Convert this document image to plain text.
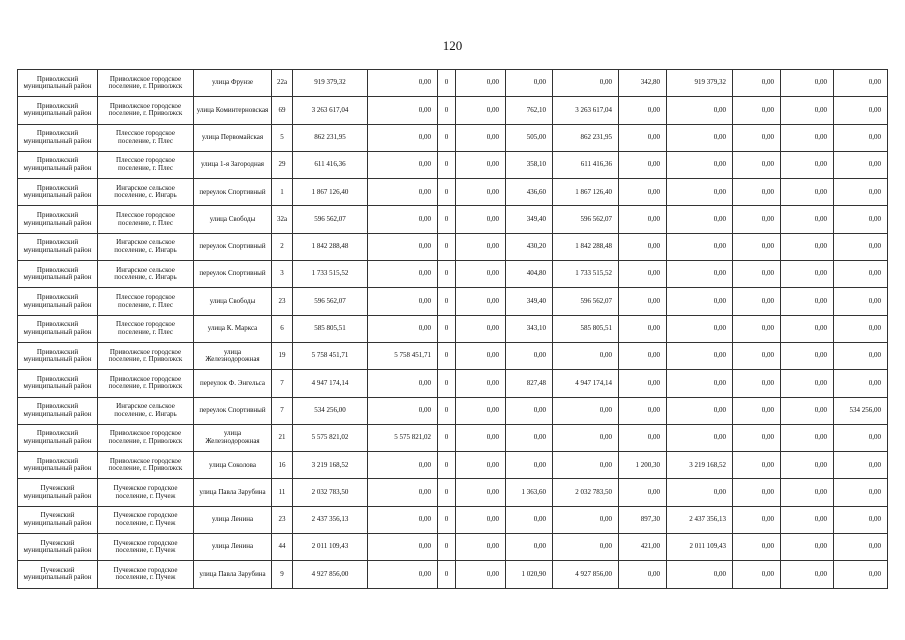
120
Приволжский муниципальный район	Приволжское городское поселение, г. Приволжск	улица Фрунзе	22а	919 379,32	0,00	0	0,00	0,00	0,00	342,80	919 379,32	0,00	0,00	0,00
Приволжский муниципальный район	Приволжское городское поселение, г. Приволжск	улица Коминтерновская	69	3 263 617,04	0,00	0	0,00	762,10	3 263 617,04	0,00	0,00	0,00	0,00	0,00
Приволжский муниципальный район	Плесское городское поселение, г. Плес	улица Первомайская	5	862 231,95	0,00	0	0,00	505,00	862 231,95	0,00	0,00	0,00	0,00	0,00
Приволжский муниципальный район	Плесское городское поселение, г. Плес	улица 1-я Загородная	29	611 416,36	0,00	0	0,00	358,10	611 416,36	0,00	0,00	0,00	0,00	0,00
Приволжский муниципальный район	Ингарское сельское поселение, с. Ингарь	переулок Спортивный	1	1 867 126,40	0,00	0	0,00	436,60	1 867 126,40	0,00	0,00	0,00	0,00	0,00
Приволжский муниципальный район	Плесское городское поселение, г. Плес	улица Свободы	32а	596 562,07	0,00	0	0,00	349,40	596 562,07	0,00	0,00	0,00	0,00	0,00
Приволжский муниципальный район	Ингарское сельское поселение, с. Ингарь	переулок Спортивный	2	1 842 288,48	0,00	0	0,00	430,20	1 842 288,48	0,00	0,00	0,00	0,00	0,00
Приволжский муниципальный район	Ингарское сельское поселение, с. Ингарь	переулок Спортивный	3	1 733 515,52	0,00	0	0,00	404,80	1 733 515,52	0,00	0,00	0,00	0,00	0,00
Приволжский муниципальный район	Плесское городское поселение, г. Плес	улица Свободы	23	596 562,07	0,00	0	0,00	349,40	596 562,07	0,00	0,00	0,00	0,00	0,00
Приволжский муниципальный район	Плесское городское поселение, г. Плес	улица К. Маркса	6	585 805,51	0,00	0	0,00	343,10	585 805,51	0,00	0,00	0,00	0,00	0,00
Приволжский муниципальный район	Приволжское городское поселение, г. Приволжск	улица Железнодорожная	19	5 758 451,71	5 758 451,71	0	0,00	0,00	0,00	0,00	0,00	0,00	0,00	0,00
Приволжский муниципальный район	Приволжское городское поселение, г. Приволжск	переулок Ф. Энгельса	7	4 947 174,14	0,00	0	0,00	827,48	4 947 174,14	0,00	0,00	0,00	0,00	0,00
Приволжский муниципальный район	Ингарское сельское поселение, с. Ингарь	переулок Спортивный	7	534 256,00	0,00	0	0,00	0,00	0,00	0,00	0,00	0,00	0,00	534 256,00
Приволжский муниципальный район	Приволжское городское поселение, г. Приволжск	улица Железнодорожная	21	5 575 821,02	5 575 821,02	0	0,00	0,00	0,00	0,00	0,00	0,00	0,00	0,00
Приволжский муниципальный район	Приволжское городское поселение, г. Приволжск	улица Соколова	16	3 219 168,52	0,00	0	0,00	0,00	0,00	1 200,30	3 219 168,52	0,00	0,00	0,00
Пучежский муниципальный район	Пучежское городское поселение, г. Пучеж	улица Павла Зарубина	11	2 032 783,50	0,00	0	0,00	1 363,60	2 032 783,50	0,00	0,00	0,00	0,00	0,00
Пучежский муниципальный район	Пучежское городское поселение, г. Пучеж	улица Ленина	23	2 437 356,13	0,00	0	0,00	0,00	0,00	897,30	2 437 356,13	0,00	0,00	0,00
Пучежский муниципальный район	Пучежское городское поселение, г. Пучеж	улица Ленина	44	2 011 109,43	0,00	0	0,00	0,00	0,00	421,00	2 011 109,43	0,00	0,00	0,00
Пучежский муниципальный район	Пучежское городское поселение, г. Пучеж	улица Павла Зарубина	9	4 927 856,00	0,00	0	0,00	1 020,90	4 927 856,00	0,00	0,00	0,00	0,00	0,00
